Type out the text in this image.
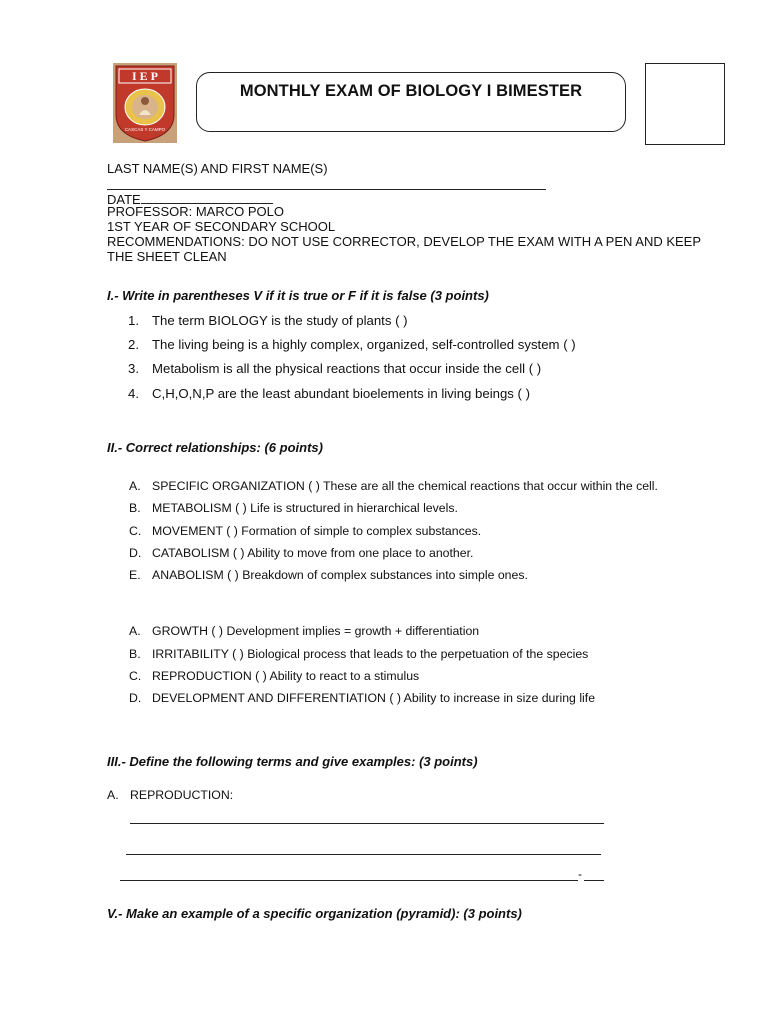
I E P
CASCAS Y CAMPO
MONTHLY EXAM OF BIOLOGY I BIMESTER
LAST NAME(S) AND FIRST NAME(S)
DATE
PROFESSOR: MARCO POLO
1ST YEAR OF SECONDARY SCHOOL
RECOMMENDATIONS: DO NOT USE CORRECTOR, DEVELOP THE EXAM WITH A PEN AND KEEP
THE SHEET CLEAN
I.- Write in parentheses V if it is true or F if it is false (3 points)
1. The term BIOLOGY is the study of plants ( )
2. The living being is a highly complex, organized, self-controlled system ( )
3. Metabolism is all the physical reactions that occur inside the cell ( )
4. C,H,O,N,P are the least abundant bioelements in living beings ( )
II.- Correct relationships: (6 points)
A. SPECIFIC ORGANIZATION ( ) These are all the chemical reactions that occur within the cell.
B. METABOLISM ( ) Life is structured in hierarchical levels.
C. MOVEMENT ( ) Formation of simple to complex substances.
D. CATABOLISM ( ) Ability to move from one place to another.
E. ANABOLISM ( ) Breakdown of complex substances into simple ones.
A. GROWTH ( ) Development implies = growth + differentiation
B. IRRITABILITY ( ) Biological process that leads to the perpetuation of the species
C. REPRODUCTION ( ) Ability to react to a stimulus
D. DEVELOPMENT AND DIFFERENTIATION ( ) Ability to increase in size during life
III.- Define the following terms and give examples: (3 points)
A. REPRODUCTION:
-
V.- Make an example of a specific organization (pyramid): (3 points)
